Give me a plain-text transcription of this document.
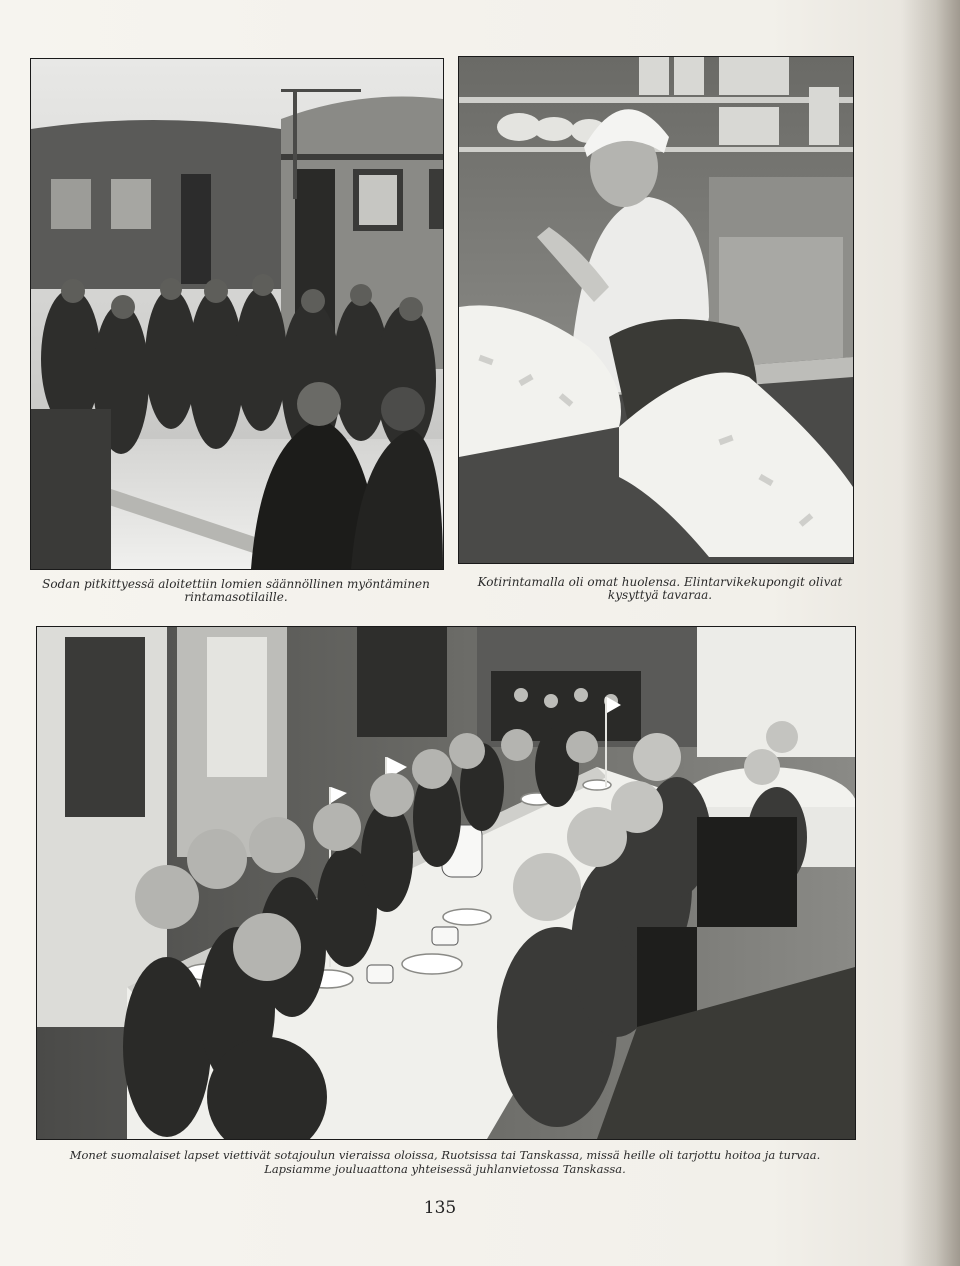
Sodan pitkittyessä aloitettiin lomien säännöllinen myöntäminen
rintamasotilaille.

Kotirintamalla oli omat huolensa. Elintarvikekupongit olivat
kysyttyä tavaraa.

Monet suomalaiset lapset viettivät sotajoulun vieraissa oloissa, Ruotsissa tai Tanskassa, missä heille oli tarjottu hoitoa ja turvaa.
Lapsiamme jouluaattona yhteisessä juhlanvietossa Tanskassa.

135
